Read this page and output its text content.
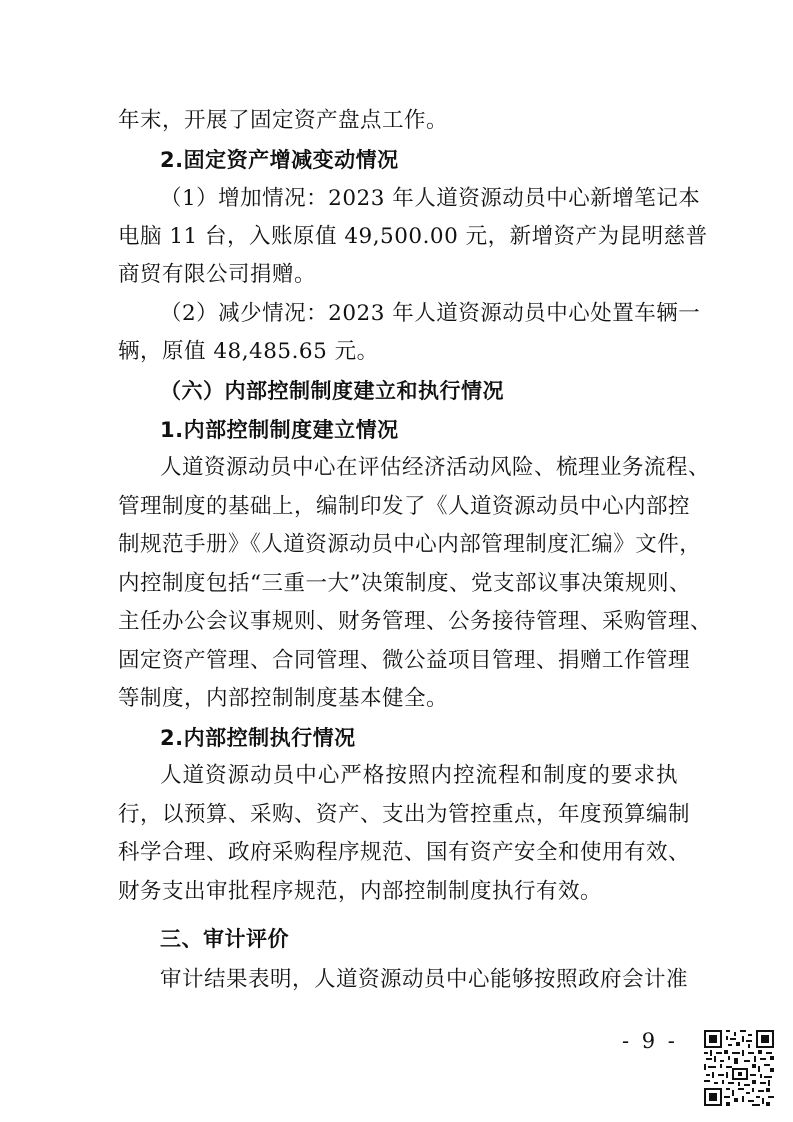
年末，开展了固定资产盘点工作。
2.固定资产增减变动情况
（1）增加情况：2023 年人道资源动员中心新增笔记本
电脑 11 台，入账原值 49,500.00 元，新增资产为昆明慈普
商贸有限公司捐赠。
（2）减少情况：2023 年人道资源动员中心处置车辆一
辆，原值 48,485.65 元。
（六）内部控制制度建立和执行情况
1.内部控制制度建立情况
人道资源动员中心在评估经济活动风险、梳理业务流程、
管理制度的基础上，编制印发了《人道资源动员中心内部控
制规范手册》《人道资源动员中心内部管理制度汇编》文件，
内控制度包括“三重一大”决策制度、党支部议事决策规则、
主任办公会议事规则、财务管理、公务接待管理、采购管理、
固定资产管理、合同管理、微公益项目管理、捐赠工作管理
等制度，内部控制制度基本健全。
2.内部控制执行情况
人道资源动员中心严格按照内控流程和制度的要求执
行，以预算、采购、资产、支出为管控重点，年度预算编制
科学合理、政府采购程序规范、国有资产安全和使用有效、
财务支出审批程序规范，内部控制制度执行有效。
三、审计评价
审计结果表明，人道资源动员中心能够按照政府会计准
- 9 -
